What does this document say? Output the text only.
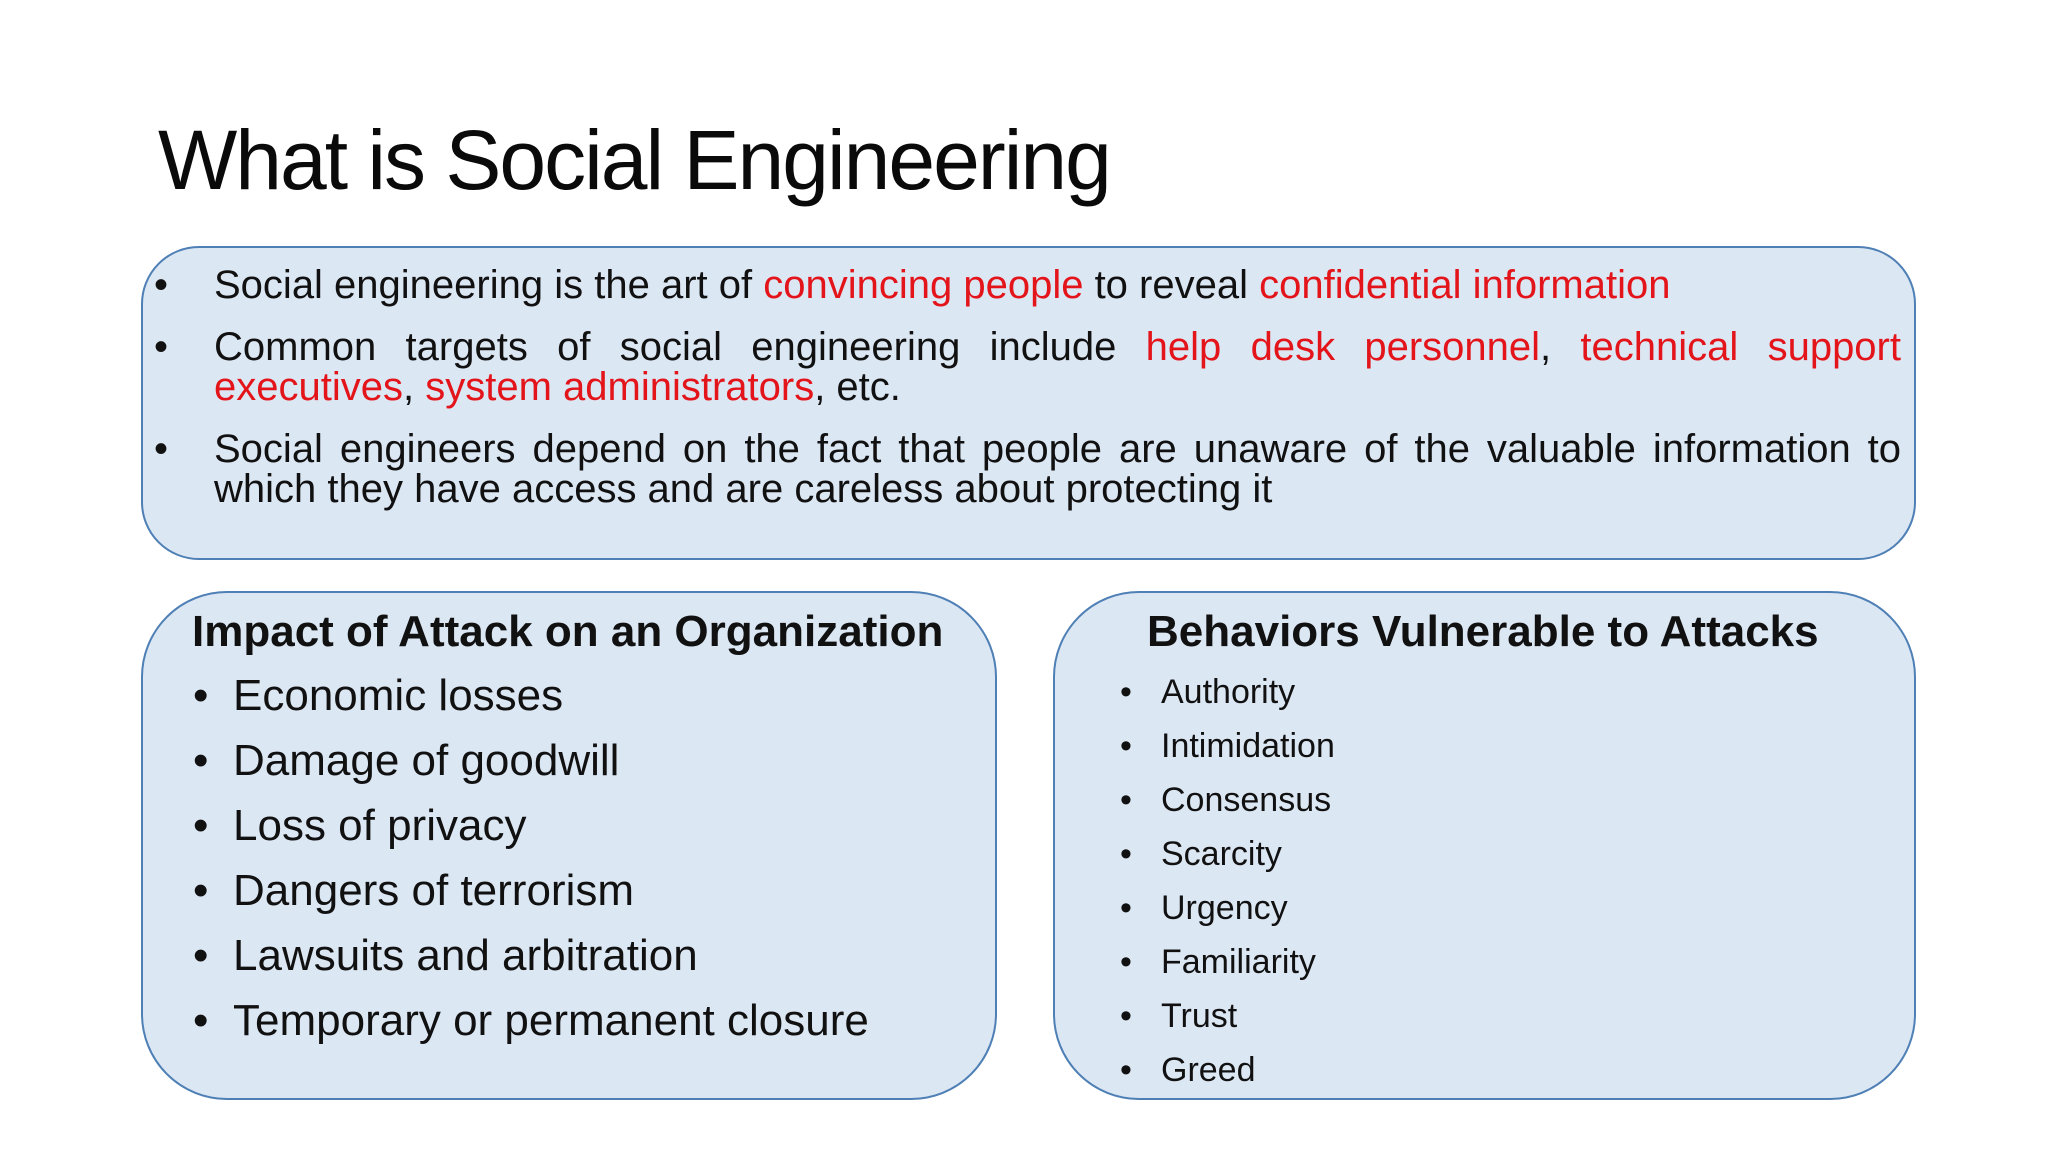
What is Social Engineering
• Social engineering is the art of convincing people to reveal confidential information
• Common targets of social engineering include help desk personnel, technical support executives, system administrators, etc.
• Social engineers depend on the fact that people are unaware of the valuable information to which they have access and are careless about protecting it
Impact of Attack on an Organization
• Economic losses
• Damage of goodwill
• Loss of privacy
• Dangers of terrorism
• Lawsuits and arbitration
• Temporary or permanent closure
Behaviors Vulnerable to Attacks
• Authority
• Intimidation
• Consensus
• Scarcity
• Urgency
• Familiarity
• Trust
• Greed
